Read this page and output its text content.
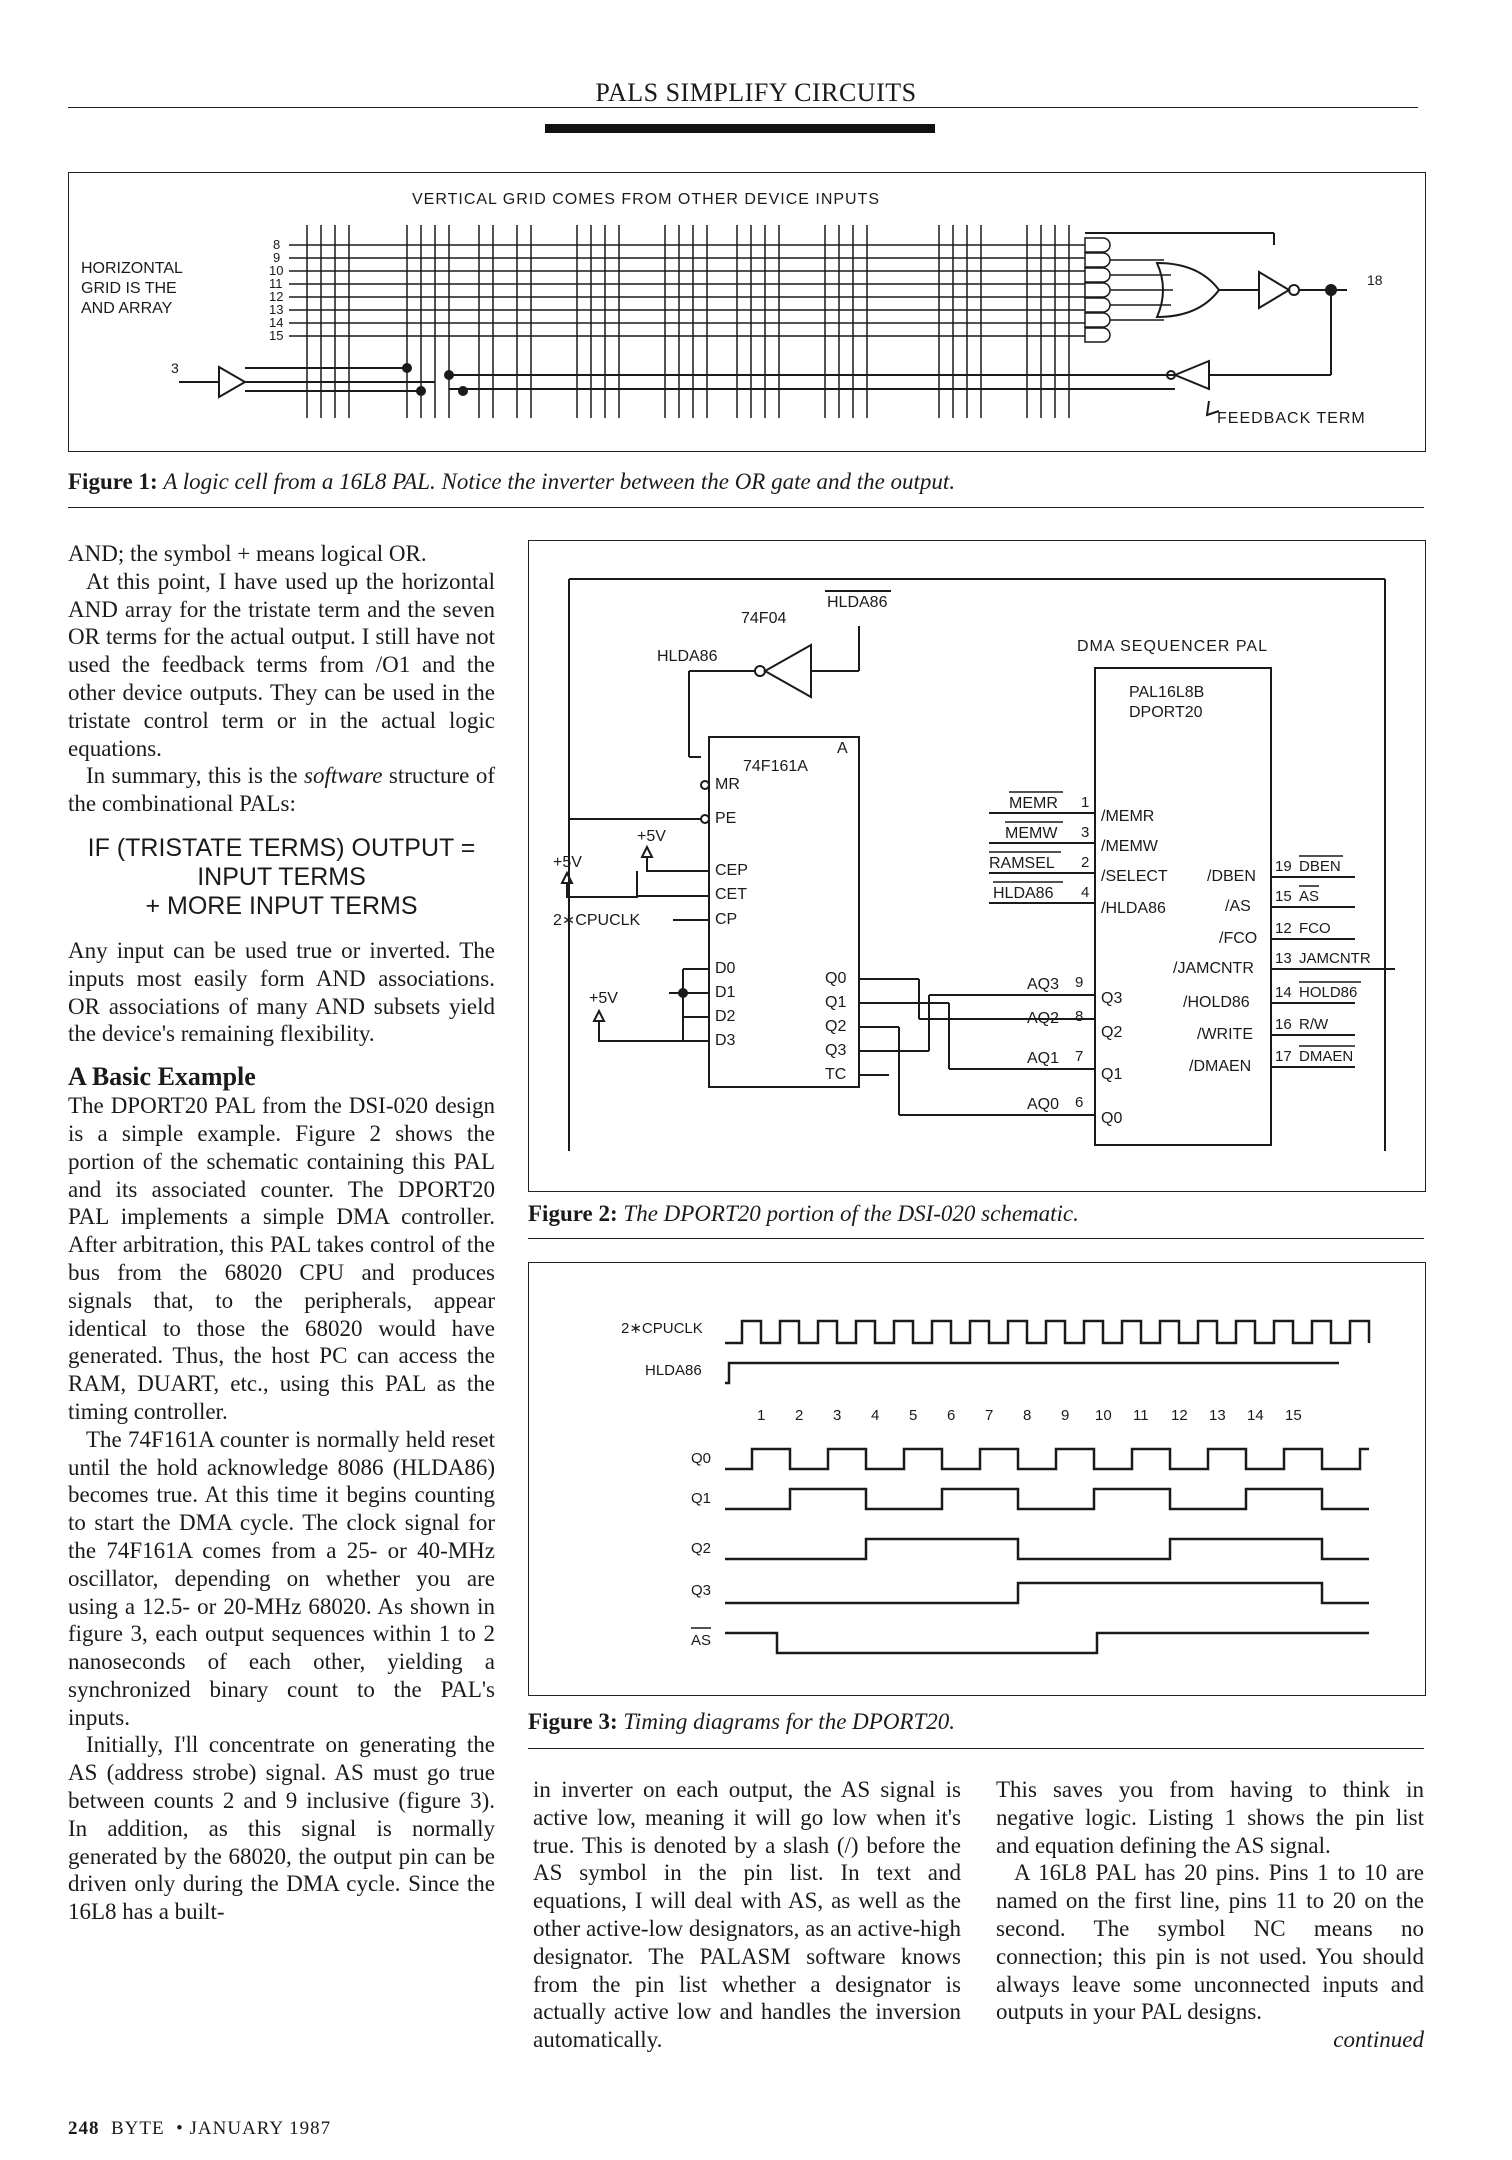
PALS SIMPLIFY CIRCUITS
VERTICAL GRID COMES FROM OTHER DEVICE INPUTS
HORIZONTAL
GRID IS THE
AND ARRAY
8
9
10
11
12
13
14
15
18
3
FEEDBACK TERM
Figure 1: A logic cell from a 16L8 PAL. Notice the inverter between the OR gate and the output.

AND; the symbol + means logical OR.

At this point, I have used up the horizontal AND array for the tristate term and the seven OR terms for the actual output. I still have not used the feedback terms from /O1 and the other device outputs. They can be used in the tristate control term or in the actual logic equations.

In summary, this is the software structure of the combinational PALs:

IF (TRISTATE TERMS) OUTPUT =
INPUT TERMS
+ MORE INPUT TERMS

Any input can be used true or inverted. The inputs most easily form AND associations. OR associations of many AND subsets yield the device's remaining flexibility.

A Basic Example

The DPORT20 PAL from the DSI-020 design is a simple example. Figure 2 shows the portion of the schematic containing this PAL and its associated counter. The DPORT20 PAL implements a simple DMA controller. After arbitration, this PAL takes control of the bus from the 68020 CPU and produces signals that, to the peripherals, appear identical to those the 68020 would have generated. Thus, the host PC can access the RAM, DUART, etc., using this PAL as the timing controller.

The 74F161A counter is normally held reset until the hold acknowledge 8086 (HLDA86) becomes true. At this time it begins counting to start the DMA cycle. The clock signal for the 74F161A comes from a 25- or 40-MHz oscillator, depending on whether you are using a 12.5- or 20-MHz 68020. As shown in figure 3, each output sequences within 1 to 2 nanoseconds of each other, yielding a synchronized binary count to the PAL's inputs.

Initially, I'll concentrate on generating the AS (address strobe) signal. AS must go true between counts 2 and 9 inclusive (figure 3). In addition, as this signal is normally generated by the 68020, the output pin can be driven only during the DMA cycle. Since the 16L8 has a built-

74F04
HLDA86
HLDA86
DMA SEQUENCER PAL
PAL16L8B
DPORT20
74F161A
A
MR
PE
CEP
CET
CP
D0
D1
D2
D3
Q0
Q1
Q2
Q3
TC
+5V
+5V
2∗CPUCLK
+5V
MEMR 1
/MEMR
MEMW 3
/MEMW
RAMSEL 2
/SELECT
HLDA86 4
/HLDA86
AQ3 9
Q3
AQ2 8
Q2
AQ1 7
Q1
AQ0 6
Q0
/DBEN
19 DBEN
/AS
15 AS
/FCO
12 FCO
/JAMCNTR
13 JAMCNTR
/HOLD86
14 HOLD86
/WRITE
16 R/W
/DMAEN
17 DMAEN
Figure 2: The DPORT20 portion of the DSI-020 schematic.
2∗CPUCLK
HLDA86
Q0
Q1
Q2
Q3
AS
1 2 3 4 5 6 7 8 9 10 11 12 13 14 15
Figure 3: Timing diagrams for the DPORT20.

in inverter on each output, the AS signal is active low, meaning it will go low when it's true. This is denoted by a slash (/) before the AS symbol in the pin list. In text and equations, I will deal with AS, as well as the other active-low designators, as an active-high designator. The PALASM software knows from the pin list whether a designator is actually active low and handles the inversion automatically.

This saves you from having to think in negative logic. Listing 1 shows the pin list and equation defining the AS signal.

A 16L8 PAL has 20 pins. Pins 1 to 10 are named on the first line, pins 11 to 20 on the second. The symbol NC means no connection; this pin is not used. You should always leave some unconnected inputs and outputs in your PAL designs.

continued
248 BYTE  • JANUARY 1987
